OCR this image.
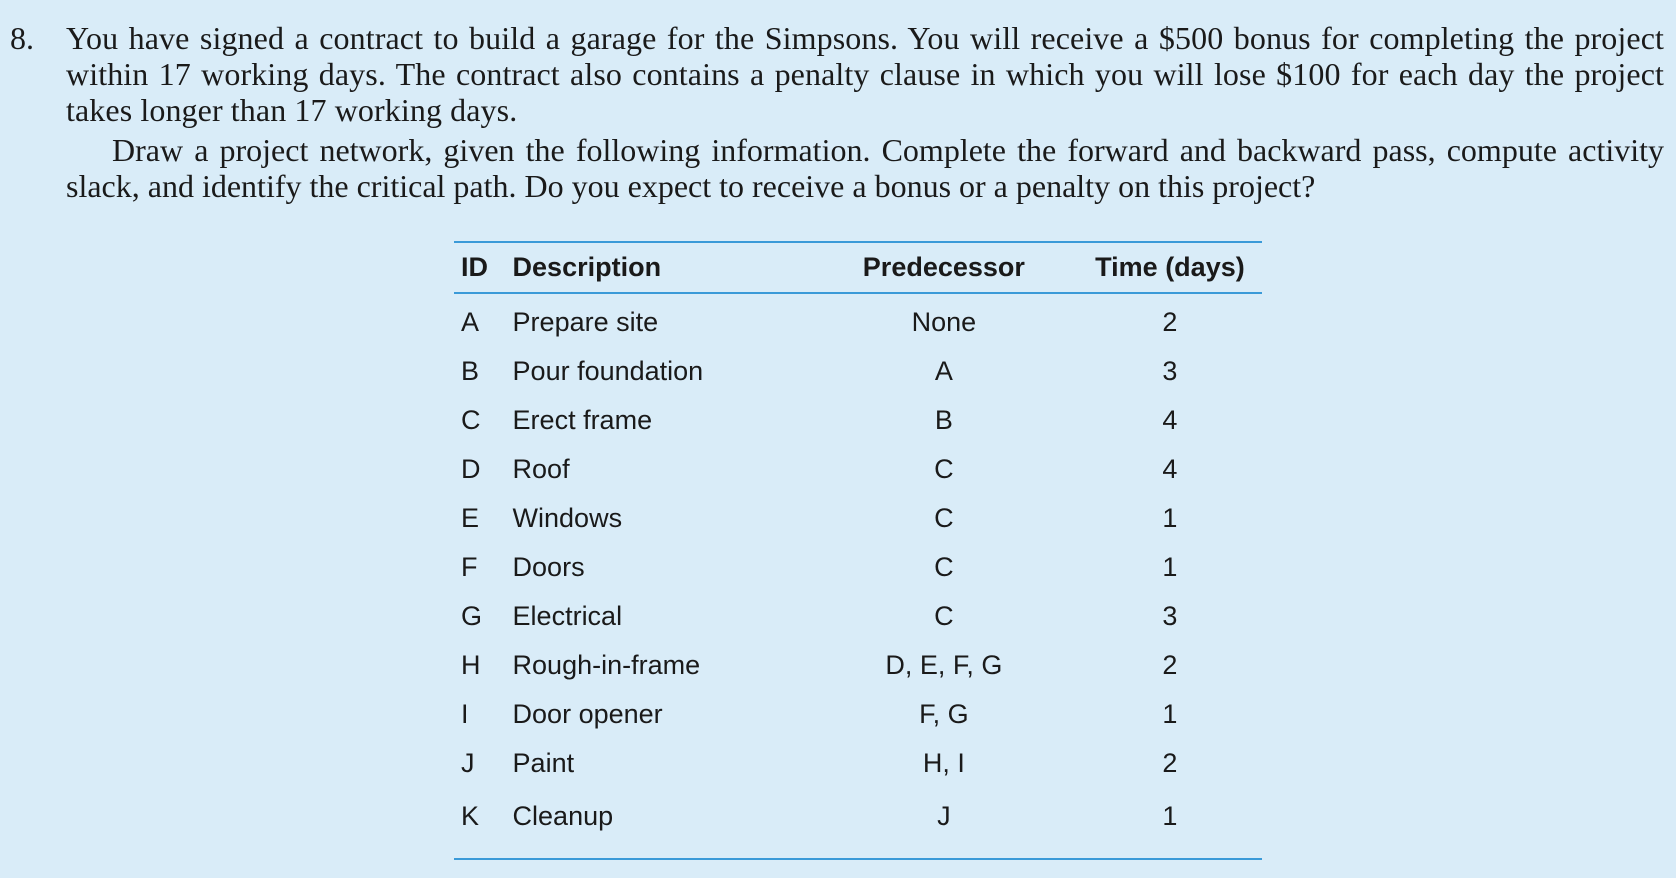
8. You have signed a contract to build a garage for the Simpsons. You will receive a $500 bonus for completing the project within 17 working days. The contract also contains a penalty clause in which you will lose $100 for each day the project takes longer than 17 working days.
Draw a project network, given the following information. Complete the forward and backward pass, compute activity slack, and identify the critical path. Do you expect to receive a bonus or a penalty on this project?
ID	Description	Predecessor	Time (days)
A	Prepare site	None	2
B	Pour foundation	A	3
C	Erect frame	B	4
D	Roof	C	4
E	Windows	C	1
F	Doors	C	1
G	Electrical	C	3
H	Rough-in-frame	D, E, F, G	2
I	Door opener	F, G	1
J	Paint	H, I	2
K	Cleanup	J	1
